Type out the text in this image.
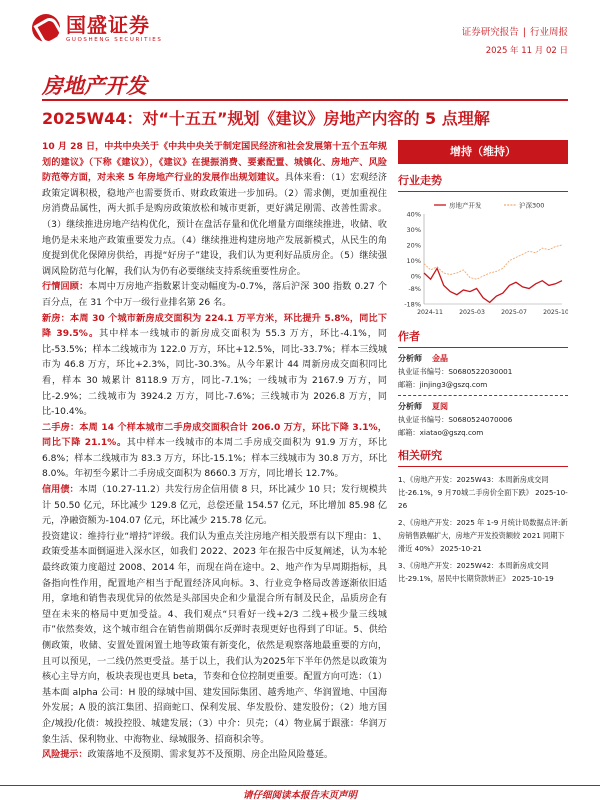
国盛证券
GUOSHENG SECURITIES
证券研究报告 | 行业周报
2025 年 11 月 02 日
房地产开发
2025W44：对“十五五”规划《建议》房地产内容的 5 点理解

10 月 28 日，中共中央关于《中共中央关于制定国民经济和社会发展第十五个五年规划的建议》（下称《建议》），《建议》在提振消费、要素配置、城镇化、房地产、风险防范等方面，对未来 5 年房地产行业的发展作出规划建议。具体来看：（1）宏观经济政策定调积极，稳地产也需要货币、财政政策进一步加码。（2）需求侧，更加重视住房消费品属性，两大抓手是购房政策放松和城市更新，更好满足刚需、改善性需求。（3）继续推进房地产结构优化，预计在盘活存量和优化增量方面继续推进，收储、收地仍是未来地产政策重要发力点。（4）继续推进构建房地产发展新模式，从民生的角度提到优化保障房供给，再提“好房子”建设，我们认为更利好品质房企。（5）继续强调风险防范与化解，我们认为仍有必要继续支持系统重要性房企。

行情回顾：本周中万房地产指数累计变动幅度为-0.7%，落后沪深 300 指数 0.27 个百分点，在 31 个中万一级行业排名第 26 名。

新房：本周 30 个城市新房成交面积为 224.1 万平方米，环比提升 5.8%，同比下降 39.5%。其中样本一线城市的新房成交面积为 55.3 万方，环比-4.1%，同比-53.5%；样本二线城市为 122.0 万方，环比+12.5%，同比-33.7%；样本三线城市为 46.8 万方，环比+2.3%，同比-30.3%。从今年累计 44 周新房成交面积同比看，样本 30 城累计 8118.9 万方，同比-7.1%；一线城市为 2167.9 万方，同比-2.9%；二线城市为 3924.2 万方，同比-7.6%；三线城市为 2026.8 万方，同比-10.4%。

二手房：本周 14 个样本城市二手房成交面积合计 206.0 万方，环比下降 3.1%，同比下降 21.1%。其中样本一线城市的本周二手房成交面积为 91.9 万方，环比 6.8%；样本二线城市为 83.3 万方，环比-15.1%；样本三线城市为 30.8 万方，环比 8.0%。年初至今累计二手房成交面积为 8660.3 万方，同比增长 12.7%。

信用债：本周（10.27-11.2）共发行房企信用债 8 只，环比减少 10 只；发行规模共计 50.50 亿元，环比减少 129.8 亿元，总偿还量 154.57 亿元，环比增加 85.98 亿元，净融资额为-104.07 亿元，环比减少 215.78 亿元。

投资建议：维持行业“增持”评级。我们认为重点关注房地产相关股票有以下理由：1、政策受基本面倒逼进入深水区，如我们 2022、2023 年在报告中反复阐述，认为本轮最终政策力度超过 2008、2014 年，而现在尚在途中。2、地产作为早周期指标，具备指向性作用，配置地产相当于配置经济风向标。3、行业竞争格局改善逐渐依旧适用，拿地和销售表现优异的依然是头部国央企和少量混合所有制及民企，品质房企有望在未来的格局中更加受益。4、我们观点“只看好一线+2/3 二线+极少量三线城市”依然奏效，这个城市组合在销售前期偶尔反弹时表现更好也得到了印证。5、供给侧政策，收储、安置处置闲置土地等政策有新变化，依然是观察落地最重要的方向，且可以预见，一二线仍然更受益。基于以上，我们认为2025年下半年仍然是以政策为核心主导方向，板块表现也更具 beta，节奏和仓位控制更重要。配置方向可选：（1）基本面 alpha 公司：H 股的绿城中国、建发国际集团、越秀地产、华润置地、中国海外发展；A 股的滨江集团、招商蛇口、保利发展、华发股份、建发股份；（2）地方国企/城投/化债：城投控股、城建发展；（3）中介：贝壳；（4）物业属于跟涨：华润万象生活、保利物业、中海物业、绿城服务、招商积余等。

风险提示：政策落地不及预期、需求复苏不及预期、房企出险风险蔓延。

增持（维持）
行业走势
40%
30%
20%
10%
0%
-8%
-18%
2024-11	2025-03	2025-07	2025-10
房地产开发	沪深300
作者
分析师 金晶
执业证书编号：S0680522030001
邮箱：jinjing3@gszq.com
分析师 夏阅
执业证书编号：S0680524070006
邮箱：xiatao@gszq.com
相关研究

1、《房地产开发：2025W43：本周新房成交同比-26.1%，9 月70城二手房价全面下跌》 2025-10-26

2、《房地产开发：2025 年 1-9 月统计局数据点评:新房销售跌幅扩大，房地产开发投资额较 2021 同期下滑近 40%》 2025-10-21

3、《房地产开发：2025W42：本周新房成交同比-29.1%，居民中长期贷款转正》 2025-10-19

请仔细阅读本报告末页声明
